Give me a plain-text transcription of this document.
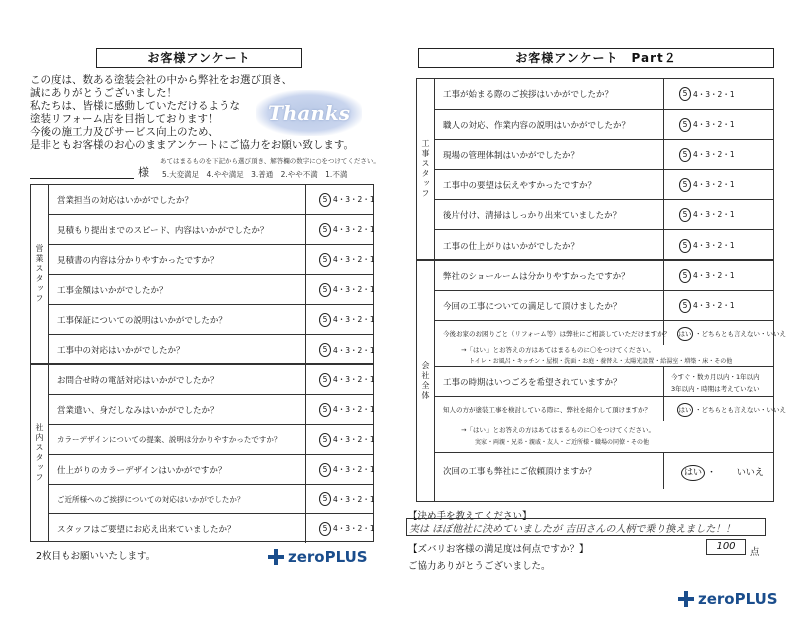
お客様アンケート
この度は、数ある塗装会社の中から弊社をお選び頂き、
誠にありがとうございました！
私たちは、皆様に感動していただけるような
塗装リフォーム店を目指しております！
今後の施工力及びサービス向上のため、
是非ともお客様のお心のままアンケートにご協力をお願い致します。
Thanks
様
あてはまるものを下記から選び頂き、解答欄の数字に○をつけてください。
5.大変満足 4.やや満足 3.普通 2.やや不満 1.不満
営業スタッフ
営業担当の対応はいかがでしたか？	5 4・3・2・1
見積もり提出までのスピード、内容はいかがでしたか？	5 4・3・2・1
見積書の内容は分かりやすかったですか？	5 4・3・2・1
工事金額はいかがでしたか？	5 4・3・2・1
工事保証についての説明はいかがでしたか？	5 4・3・2・1
工事中の対応はいかがでしたか？	5 4・3・2・1
社内スタッフ
お問合せ時の電話対応はいかがでしたか？	5 4・3・2・1
営業遣い、身だしなみはいかがでしたか？	5 4・3・2・1
カラーデザインについての提案、説明は分かりやすかったですか？	5 4・3・2・1
仕上がりのカラーデザインはいかがですか？	5 4・3・2・1
ご近所様へのご挨拶についての対応はいかがでしたか？	5 4・3・2・1
スタッフはご要望にお応え出来ていましたか？	5 4・3・2・1
2枚目もお願いいたします。	zeroPLUS
お客様アンケート　Part２
工事スタッフ
工事が始まる際のご挨拶はいかがでしたか？	5 4・3・2・1
職人の対応、作業内容の説明はいかがでしたか？	5 4・3・2・1
現場の管理体制はいかがでしたか？	5 4・3・2・1
工事中の要望は伝えやすかったですか？	5 4・3・2・1
後片付け、清掃はしっかり出来ていましたか？	5 4・3・2・1
工事の仕上がりはいかがでしたか？	5 4・3・2・1
会社全体
弊社のショールームは分かりやすかったですか？	5 4・3・2・1
今回の工事についての満足して頂けましたか？	5 4・3・2・1
今後お家のお困りごと（リフォーム等）は弊社にご相談していただけますか？ はい ・どちらとも言えない・いいえ
→「はい」とお答えの方はあてはまるものに〇をつけてください。
トイレ・お風呂・キッチン・屋根・洗面・お庭・養替え・太陽光設置・給湯室・増築・床・その他
工事の時期はいつごろを希望されていますか？
今すぐ・数カ月以内・1年以内
3年以内・時期は考えていない
知人の方が塗装工事を検討している際に、弊社を紹介して頂けますか？	はい ・どちらとも言えない・いいえ
→「はい」とお答えの方はあてはまるものに〇をつけてください。
実家・両親・兄弟・親戚・友人・ご近所様・職場の同僚・その他
次回の工事も弊社にご依頼頂けますか？	はい ・ いいえ
【決め手を教えてください】
実は ほぼ他社に決めていましたが 吉田さんの人柄で乗り換えました！！
【ズバリお客様の満足度は何点ですか？】	100
点
ご協力ありがとうございました。
zeroPLUS
